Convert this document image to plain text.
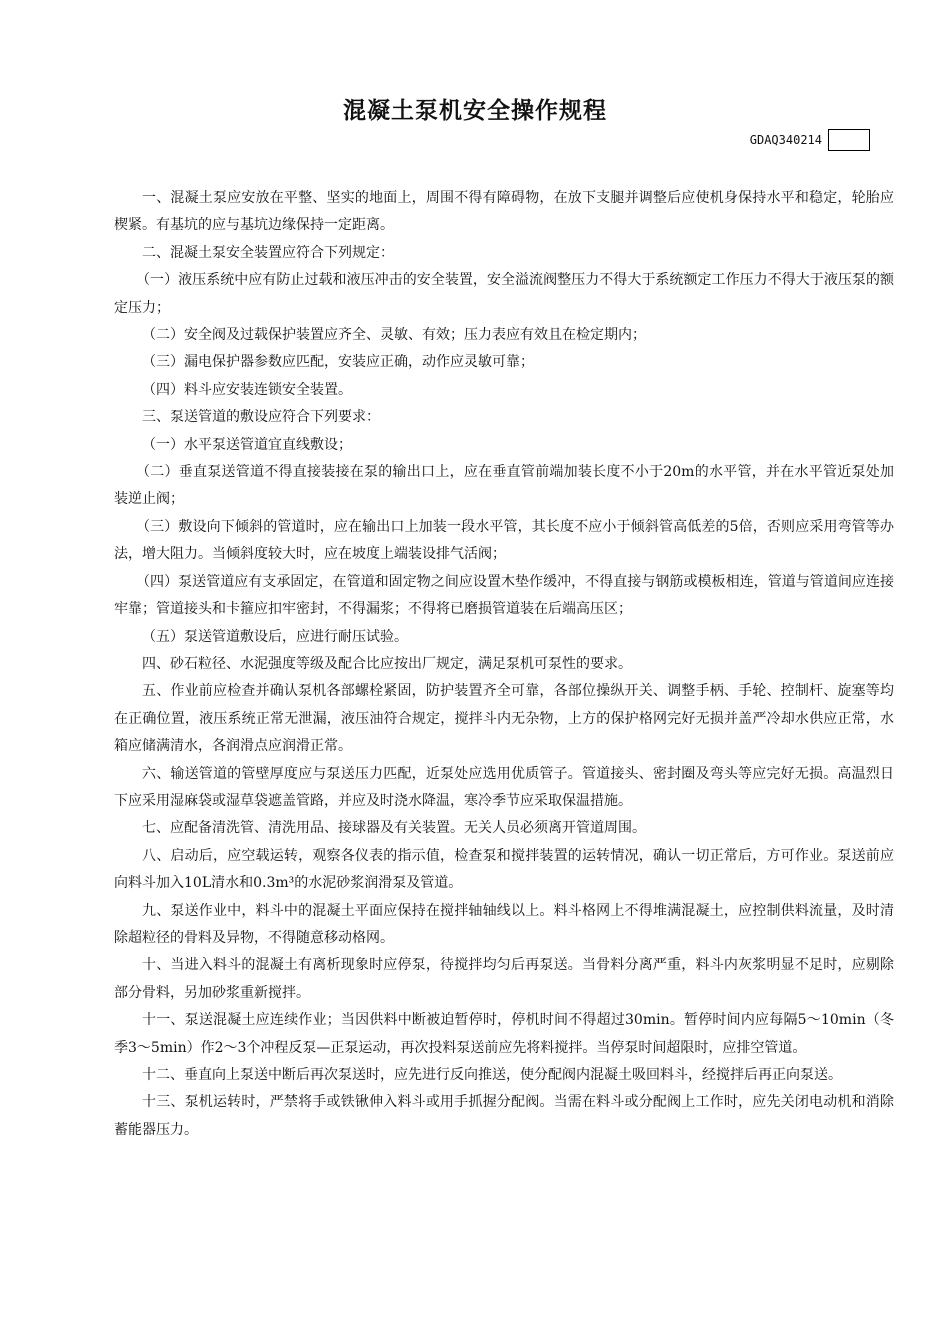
混凝土泵机安全操作规程
GDAQ340214

一、混凝土泵应安放在平整、坚实的地面上，周围不得有障碍物，在放下支腿并调整后应使机身保持水平和稳定，轮胎应楔紧。有基坑的应与基坑边缘保持一定距离。

二、混凝土泵安全装置应符合下列规定：

（一）液压系统中应有防止过载和液压冲击的安全装置，安全溢流阀整压力不得大于系统额定工作压力不得大于液压泵的额定压力；

（二）安全阀及过载保护装置应齐全、灵敏、有效；压力表应有效且在检定期内；

（三）漏电保护器参数应匹配，安装应正确，动作应灵敏可靠；

（四）料斗应安装连锁安全装置。

三、泵送管道的敷设应符合下列要求：

（一）水平泵送管道宜直线敷设；

（二）垂直泵送管道不得直接装接在泵的输出口上，应在垂直管前端加装长度不小于20m的水平管，并在水平管近泵处加装逆止阀；

（三）敷设向下倾斜的管道时，应在输出口上加装一段水平管，其长度不应小于倾斜管高低差的5倍，否则应采用弯管等办法，增大阻力。当倾斜度较大时，应在坡度上端装设排气活阀；

（四）泵送管道应有支承固定，在管道和固定物之间应设置木垫作缓冲，不得直接与钢筋或模板相连，管道与管道间应连接牢靠；管道接头和卡箍应扣牢密封，不得漏浆；不得将已磨损管道装在后端高压区；

（五）泵送管道敷设后，应进行耐压试验。

四、砂石粒径、水泥强度等级及配合比应按出厂规定，满足泵机可泵性的要求。

五、作业前应检查并确认泵机各部螺栓紧固，防护装置齐全可靠，各部位操纵开关、调整手柄、手轮、控制杆、旋塞等均在正确位置，液压系统正常无泄漏，液压油符合规定，搅拌斗内无杂物，上方的保护格网完好无损并盖严冷却水供应正常，水箱应储满清水，各润滑点应润滑正常。

六、输送管道的管壁厚度应与泵送压力匹配，近泵处应选用优质管子。管道接头、密封圈及弯头等应完好无损。高温烈日下应采用湿麻袋或湿草袋遮盖管路，并应及时浇水降温，寒冷季节应采取保温措施。

七、应配备清洗管、清洗用品、接球器及有关装置。无关人员必须离开管道周围。

八、启动后，应空载运转，观察各仪表的指示值，检查泵和搅拌装置的运转情况，确认一切正常后，方可作业。泵送前应向料斗加入10L清水和0.3m³的水泥砂浆润滑泵及管道。

九、泵送作业中，料斗中的混凝土平面应保持在搅拌轴轴线以上。料斗格网上不得堆满混凝土，应控制供料流量，及时清除超粒径的骨料及异物，不得随意移动格网。

十、当进入料斗的混凝土有离析现象时应停泵，待搅拌均匀后再泵送。当骨料分离严重，料斗内灰浆明显不足时，应剔除部分骨料，另加砂浆重新搅拌。

十一、泵送混凝土应连续作业；当因供料中断被迫暂停时，停机时间不得超过30min。暂停时间内应每隔5～10min（冬季3～5min）作2～3个冲程反泵—正泵运动，再次投料泵送前应先将料搅拌。当停泵时间超限时，应排空管道。

十二、垂直向上泵送中断后再次泵送时，应先进行反向推送，使分配阀内混凝土吸回料斗，经搅拌后再正向泵送。

十三、泵机运转时，严禁将手或铁锹伸入料斗或用手抓握分配阀。当需在料斗或分配阀上工作时，应先关闭电动机和消除蓄能器压力。
